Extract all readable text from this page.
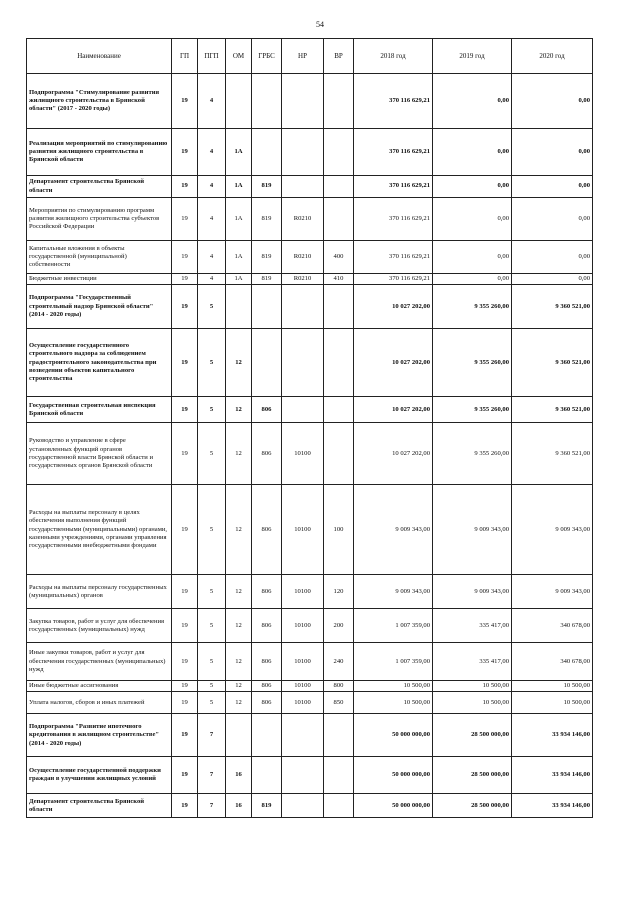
54
Наименование	ГП	ПГП	ОМ	ГРБС	НР	ВР	2018 год	2019 год	2020 год
Подпрограмма "Стимулирование развития жилищного строительства в Брянской области" (2017 - 2020 годы)	19	4					370 116 629,21	0,00	0,00
Реализация мероприятий по стимулированию развития жилищного строительства в Брянской области	19	4	1А				370 116 629,21	0,00	0,00
Департамент строительства Брянской области	19	4	1А	819			370 116 629,21	0,00	0,00
Мероприятия по стимулированию программ развития жилищного строительства субъектов Российской Федерации	19	4	1А	819	R0210		370 116 629,21	0,00	0,00
Капитальные вложения в объекты государственной (муниципальной) собственности	19	4	1А	819	R0210	400	370 116 629,21	0,00	0,00
Бюджетные инвестиции	19	4	1А	819	R0210	410	370 116 629,21	0,00	0,00
Подпрограмма "Государственный строительный надзор Брянской области" (2014 - 2020 годы)	19	5					10 027 202,00	9 355 260,00	9 360 521,00
Осуществление государственного строительного надзора за соблюдением градостроительного законодательства при возведении объектов капитального строительства	19	5	12				10 027 202,00	9 355 260,00	9 360 521,00
Государственная строительная инспекция Брянской области	19	5	12	806			10 027 202,00	9 355 260,00	9 360 521,00
Руководство и управление в сфере установленных функций органов государственной власти Брянской области и государственных органов Брянской области	19	5	12	806	10100		10 027 202,00	9 355 260,00	9 360 521,00
Расходы на выплаты персоналу в целях обеспечения выполнения функций государственными (муниципальными) органами, казенными учреждениями, органами управления государственными внебюджетными фондами	19	5	12	806	10100	100	9 009 343,00	9 009 343,00	9 009 343,00
Расходы на выплаты персоналу государственных (муниципальных) органов	19	5	12	806	10100	120	9 009 343,00	9 009 343,00	9 009 343,00
Закупка товаров, работ и услуг для обеспечения государственных (муниципальных) нужд	19	5	12	806	10100	200	1 007 359,00	335 417,00	340 678,00
Иные закупки товаров, работ и услуг для обеспечения государственных (муниципальных) нужд	19	5	12	806	10100	240	1 007 359,00	335 417,00	340 678,00
Иные бюджетные ассигнования	19	5	12	806	10100	800	10 500,00	10 500,00	10 500,00
Уплата налогов, сборов и иных платежей	19	5	12	806	10100	850	10 500,00	10 500,00	10 500,00
Подпрограмма "Развитие ипотечного кредитования в жилищном строительстве" (2014 - 2020 годы)	19	7					50 000 000,00	28 500 000,00	33 934 146,00
Осуществление государственной поддержки граждан в улучшении жилищных условий	19	7	16				50 000 000,00	28 500 000,00	33 934 146,00
Департамент строительства Брянской области	19	7	16	819			50 000 000,00	28 500 000,00	33 934 146,00
